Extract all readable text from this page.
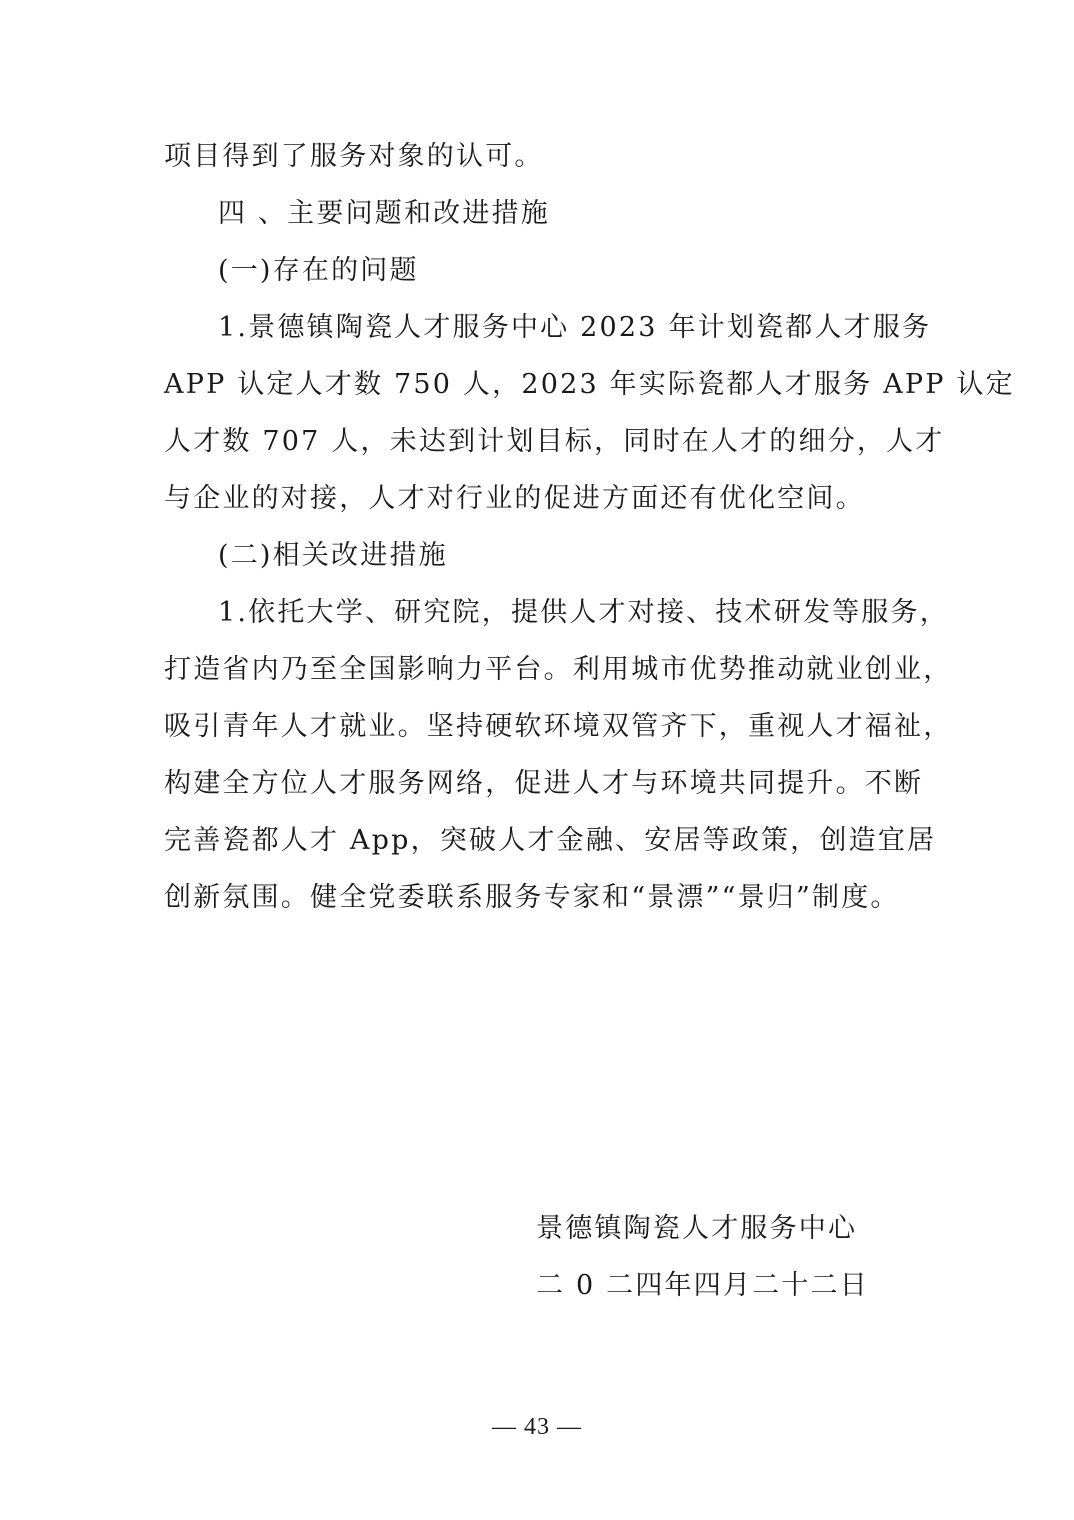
项目得到了服务对象的认可。
四 、主要问题和改进措施
(一)存在的问题
1.景德镇陶瓷人才服务中心 2023 年计划瓷都人才服务
APP 认定人才数 750 人，2023 年实际瓷都人才服务 APP 认定
人才数 707 人，未达到计划目标，同时在人才的细分，人才
与企业的对接，人才对行业的促进方面还有优化空间。
(二)相关改进措施
1.依托大学、研究院，提供人才对接、技术研发等服务，
打造省内乃至全国影响力平台。利用城市优势推动就业创业，
吸引青年人才就业。坚持硬软环境双管齐下，重视人才福祉，
构建全方位人才服务网络，促进人才与环境共同提升。不断
完善瓷都人才 App，突破人才金融、安居等政策，创造宜居
创新氛围。健全党委联系服务专家和“景漂”“景归”制度。
景德镇陶瓷人才服务中心
二 0 二四年四月二十二日
— 43 —
